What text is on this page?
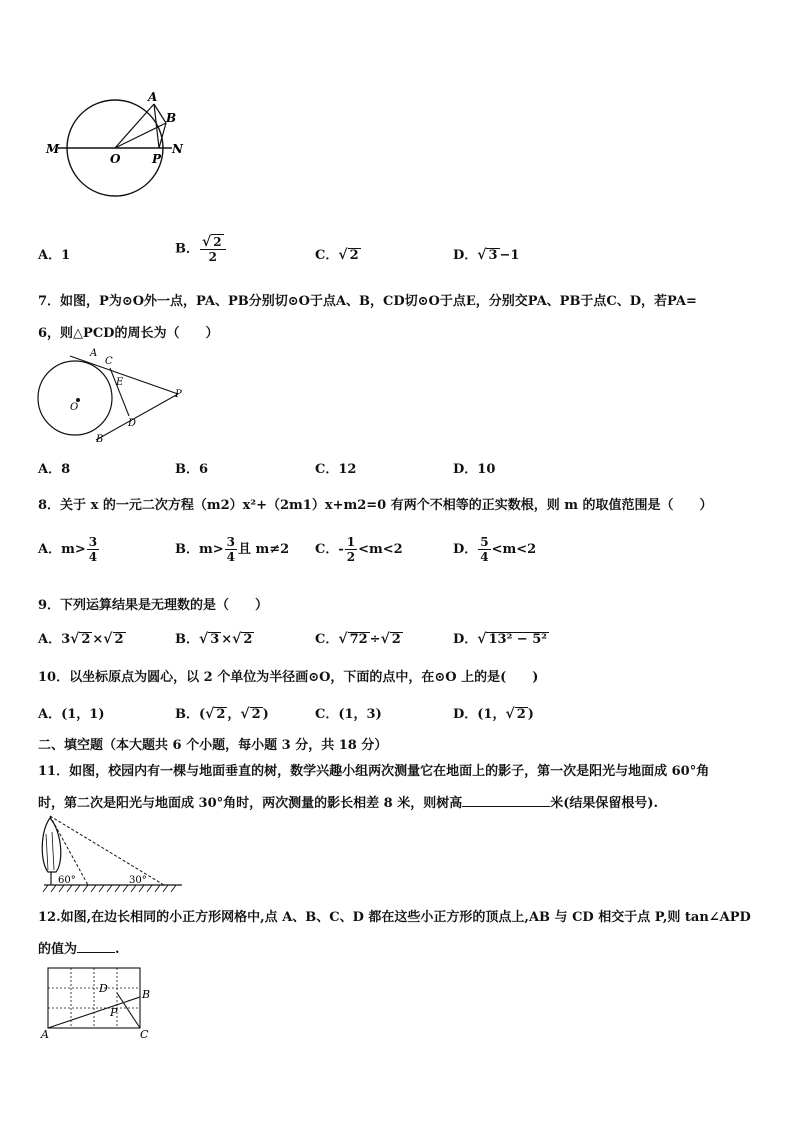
M
O	P
N
A
B
A．1	B． $\frac{√ 2}{2}$	C．√ 2	D．√ 3 −1
7．如图，P为⊙O外一点，PA、PB分别切⊙O于点A、B，CD切⊙O于点E，分别交PA、PB于点C、D，若PA=
6，则△PCD的周长为（　　）
A
C
E
O
P
D
B
A．8	B．6	C．12	D．10
8．关于 x 的一元二次方程（m2）x²+（2m1）x+m2=0 有两个不相等的正实数根，则 m 的取值范围是（　　）
A．$m> \frac{3}{4}$	B．$m> \frac{3}{4}$ 且 m≠2 C．- $\frac{1}{2} <m<2$	D． $\frac{5}{4} <m<2$
9．下列运算结果是无理数的是（　　）
A．3√ 2 ×√ 2	B．√ 3 ×√ 2	C．√ 72 ÷√ 2	D．√ 13² − 5²
10．以坐标原点为圆心，以 2 个单位为半径画⊙O，下面的点中，在⊙O 上的是(　　)
A．(1，1)	B．(√ 2 ，√ 2 )	C．(1，3)	D．(1，√ 2 )
二、填空题（本大题共 6 个小题，每小题 3 分，共 18 分）
11．如图，校园内有一棵与地面垂直的树，数学兴趣小组两次测量它在地面上的影子，第一次是阳光与地面成 60°角
时，第二次是阳光与地面成 30°角时，两次测量的影长相差 8 米，则树高	米(结果保留根号).
60°	30°
12.如图,在边长相同的小正方形网格中,点 A、B、C、D 都在这些小正方形的顶点上,AB 与 CD 相交于点 P,则 tan∠APD
的值为	.
A
B
C
D
P
